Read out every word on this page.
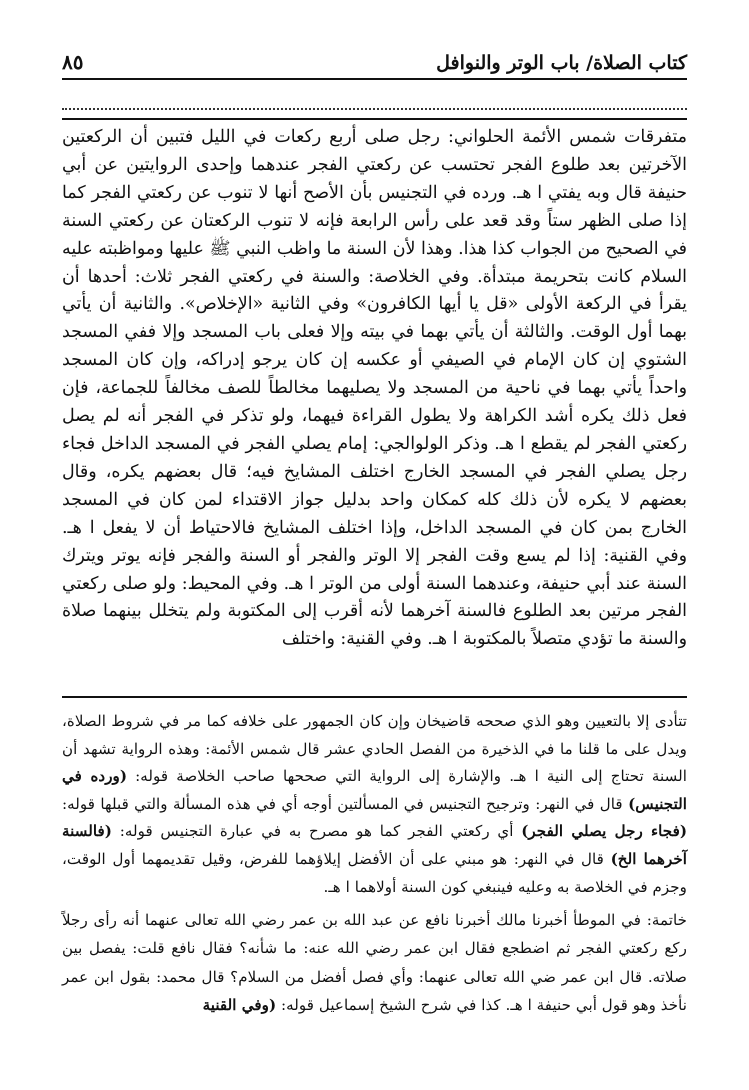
٨٥	كتاب الصلاة/ باب الوتر والنوافل
متفرقات شمس الأئمة الحلواني: رجل صلى أربع ركعات في الليل فتبين أن الركعتين الآخرتين بعد طلوع الفجر تحتسب عن ركعتي الفجر عندهما وإحدى الروايتين عن أبي حنيفة قال وبه يفتي ا هـ. ورده في التجنيس بأن الأصح أنها لا تنوب عن ركعتي الفجر كما إذا صلى الظهر ستاً وقد قعد على رأس الرابعة فإنه لا تنوب الركعتان عن ركعتي السنة في الصحيح من الجواب كذا هذا. وهذا لأن السنة ما واظب النبي ﷺ عليها ومواظبته عليه السلام كانت بتحريمة مبتدأة. وفي الخلاصة: والسنة في ركعتي الفجر ثلاث: أحدها أن يقرأ في الركعة الأولى «قل يا أيها الكافرون» وفي الثانية «الإخلاص». والثانية أن يأتي بهما أول الوقت. والثالثة أن يأتي بهما في بيته وإلا فعلى باب المسجد وإلا ففي المسجد الشتوي إن كان الإمام في الصيفي أو عكسه إن كان يرجو إدراكه، وإن كان المسجد واحداً يأتي بهما في ناحية من المسجد ولا يصليهما مخالطاً للصف مخالفاً للجماعة، فإن فعل ذلك يكره أشد الكراهة ولا يطول القراءة فيهما، ولو تذكر في الفجر أنه لم يصل ركعتي الفجر لم يقطع ا هـ. وذكر الولوالجي: إمام يصلي الفجر في المسجد الداخل فجاء رجل يصلي الفجر في المسجد الخارج اختلف المشايخ فيه؛ قال بعضهم يكره، وقال بعضهم لا يكره لأن ذلك كله كمكان واحد بدليل جواز الاقتداء لمن كان في المسجد الخارج بمن كان في المسجد الداخل، وإذا اختلف المشايخ فالاحتياط أن لا يفعل ا هـ. وفي القنية: إذا لم يسع وقت الفجر إلا الوتر والفجر أو السنة والفجر فإنه يوتر ويترك السنة عند أبي حنيفة، وعندهما السنة أولى من الوتر ا هـ. وفي المحيط: ولو صلى ركعتي الفجر مرتين بعد الطلوع فالسنة آخرهما لأنه أقرب إلى المكتوبة ولم يتخلل بينهما صلاة والسنة ما تؤدي متصلاً بالمكتوبة ا هـ. وفي القنية: واختلف
تتأدى إلا بالتعيين وهو الذي صححه قاضيخان وإن كان الجمهور على خلافه كما مر في شروط الصلاة، ويدل على ما قلنا ما في الذخيرة من الفصل الحادي عشر قال شمس الأئمة: وهذه الرواية تشهد أن السنة تحتاج إلى النية ا هـ. والإشارة إلى الرواية التي صححها صاحب الخلاصة قوله: (ورده في التجنيس) قال في النهر: وترجيح التجنيس في المسألتين أوجه أي في هذه المسألة والتي قبلها قوله: (فجاء رجل يصلي الفجر) أي ركعتي الفجر كما هو مصرح به في عبارة التجنيس قوله: (فالسنة آخرهما الخ) قال في النهر: هو مبني على أن الأفضل إيلاؤهما للفرض، وقيل تقديمهما أول الوقت، وجزم في الخلاصة به وعليه فينبغي كون السنة أولاهما ا هـ.
خاتمة: في الموطأ أخبرنا مالك أخبرنا نافع عن عبد الله بن عمر رضي الله تعالى عنهما أنه رأى رجلاً ركع ركعتي الفجر ثم اضطجع فقال ابن عمر رضي الله عنه: ما شأنه؟ فقال نافع قلت: يفصل بين صلاته. قال ابن عمر ضي الله تعالى عنهما: وأي فصل أفضل من السلام؟ قال محمد: بقول ابن عمر نأخذ وهو قول أبي حنيفة ا هـ. كذا في شرح الشيخ إسماعيل قوله: (وفي القنية
